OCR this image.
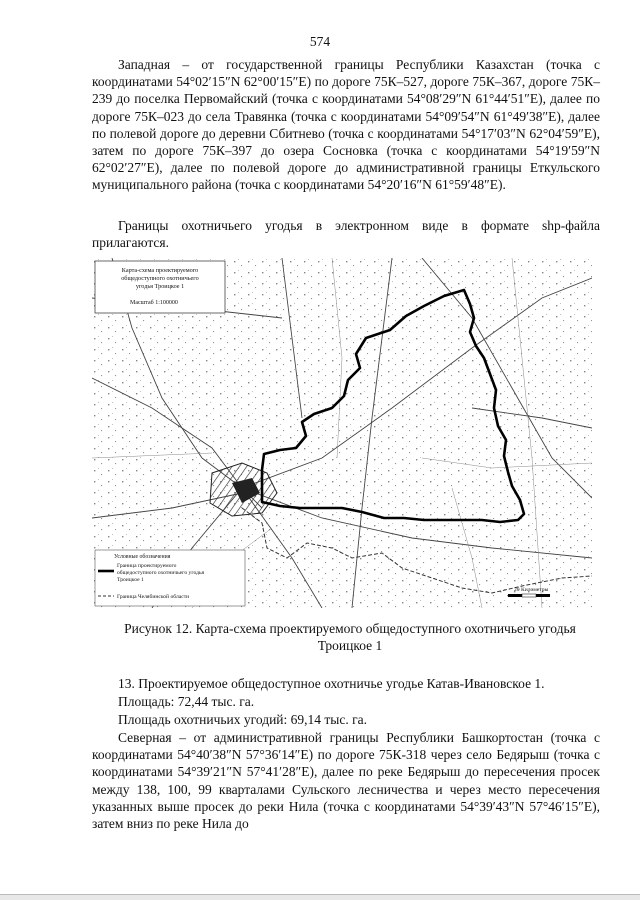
574

Западная – от государственной границы Республики Казахстан (точка с координатами 54°02′15″N 62°00′15″E) по дороге 75К–527, дороге 75К–367, дороге 75К–239 до поселка Первомайский (точка с координатами 54°08′29″N 61°44′51″E), далее по дороге 75К–023 до села Травянка (точка с координатами 54°09′54″N 61°49′38″E), далее по полевой дороге до деревни Сбитнево (точка с координатами 54°17′03″N 62°04′59″E), затем по дороге 75К–397 до озера Сосновка (точка с координатами 54°19′59″N 62°02′27″E), далее по полевой дороге до административной границы Еткульского муниципального района (точка с координатами 54°20′16″N 61°59′48″E).

Границы охотничьего угодья в электронном виде в формате shp-файла прилагаются.

Карта-схема проектируемого
общедоступного охотничьего
угодья Троицкое 1
Масштаб 1:100000
Условные обозначения
Граница проектируемого
общедоступного охотничьего угодья
Троицкое 1
Граница Челябинской области
20 Километры
Рисунок 12. Карта-схема проектируемого общедоступного охотничьего угодья
Троицкое 1
13. Проектируемое общедоступное охотничье угодье Катав-Ивановское 1.
Площадь: 72,44 тыс. га.
Площадь охотничьих угодий: 69,14 тыс. га.

Северная – от административной границы Республики Башкортостан (точка с координатами 54°40′38″N 57°36′14″E) по дороге 75К-318 через село Бедярыш (точка с координатами 54°39′21″N 57°41′28″E), далее по реке Бедярыш до пересечения просек между 138, 100, 99 кварталами Сульского лесничества и через место пересечения указанных выше просек до реки Нила (точка с координатами 54°39′43″N 57°46′15″E), затем вниз по реке Нила до
